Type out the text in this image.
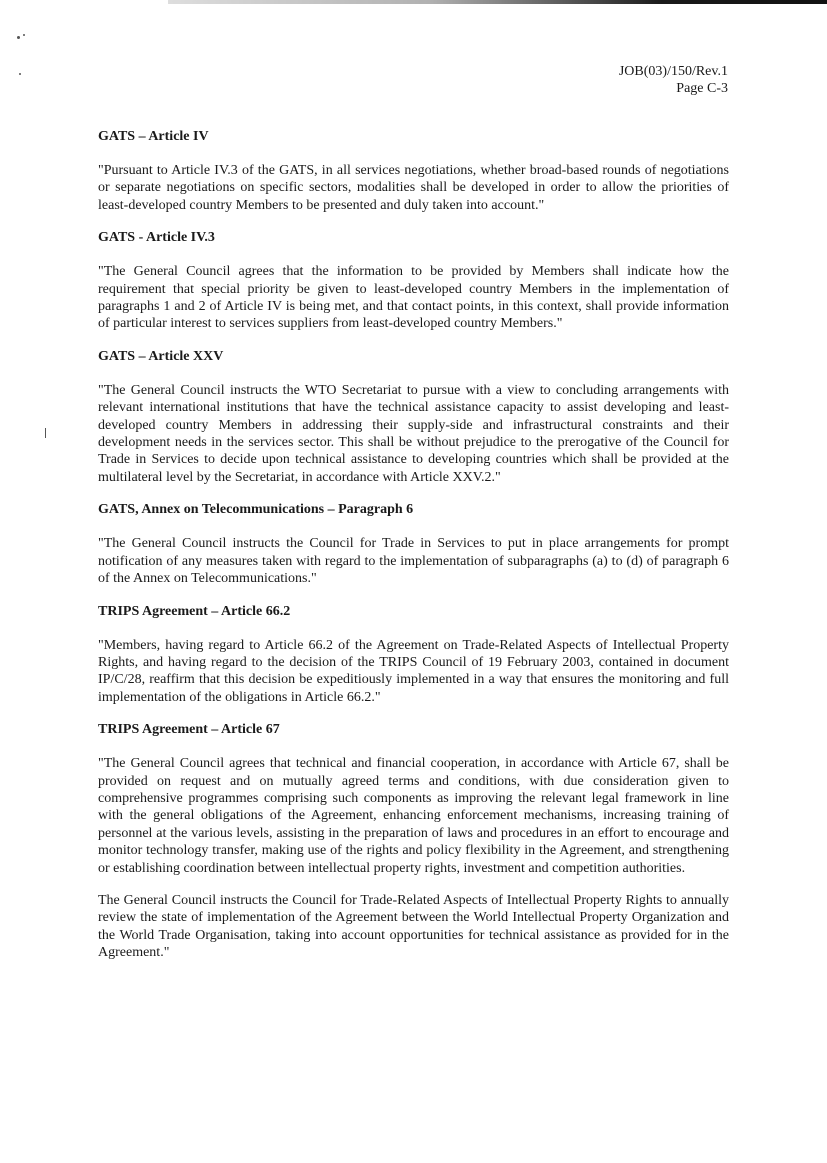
JOB(03)/150/Rev.1
Page C-3
GATS – Article IV
"Pursuant to Article IV.3 of the GATS, in all services negotiations, whether broad-based rounds of negotiations or separate negotiations on specific sectors, modalities shall be developed in order to allow the priorities of least-developed country Members to be presented and duly taken into account."
GATS - Article IV.3
"The General Council agrees that the information to be provided by Members shall indicate how the requirement that special priority be given to least-developed country Members in the implementation of paragraphs 1 and 2 of Article IV is being met, and that contact points, in this context, shall provide information of particular interest to services suppliers from least-developed country Members."
GATS – Article XXV
"The General Council instructs the WTO Secretariat to pursue with a view to concluding arrangements with relevant international institutions that have the technical assistance capacity to assist developing and least-developed country Members in addressing their supply-side and infrastructural constraints and their development needs in the services sector. This shall be without prejudice to the prerogative of the Council for Trade in Services to decide upon technical assistance to developing countries which shall be provided at the multilateral level by the Secretariat, in accordance with Article XXV.2."
GATS, Annex on Telecommunications – Paragraph 6
"The General Council instructs the Council for Trade in Services to put in place arrangements for prompt notification of any measures taken with regard to the implementation of subparagraphs (a) to (d) of paragraph 6 of the Annex on Telecommunications."
TRIPS Agreement – Article 66.2
"Members, having regard to Article 66.2 of the Agreement on Trade-Related Aspects of Intellectual Property Rights, and having regard to the decision of the TRIPS Council of 19 February 2003, contained in document IP/C/28, reaffirm that this decision be expeditiously implemented in a way that ensures the monitoring and full implementation of the obligations in Article 66.2."
TRIPS Agreement – Article 67
"The General Council agrees that technical and financial cooperation, in accordance with Article 67, shall be provided on request and on mutually agreed terms and conditions, with due consideration given to comprehensive programmes comprising such components as improving the relevant legal framework in line with the general obligations of the Agreement, enhancing enforcement mechanisms, increasing training of personnel at the various levels, assisting in the preparation of laws and procedures in an effort to encourage and monitor technology transfer, making use of the rights and policy flexibility in the Agreement, and strengthening or establishing coordination between intellectual property rights, investment and competition authorities.
The General Council instructs the Council for Trade-Related Aspects of Intellectual Property Rights to annually review the state of implementation of the Agreement between the World Intellectual Property Organization and the World Trade Organisation, taking into account opportunities for technical assistance as provided for in the Agreement."
